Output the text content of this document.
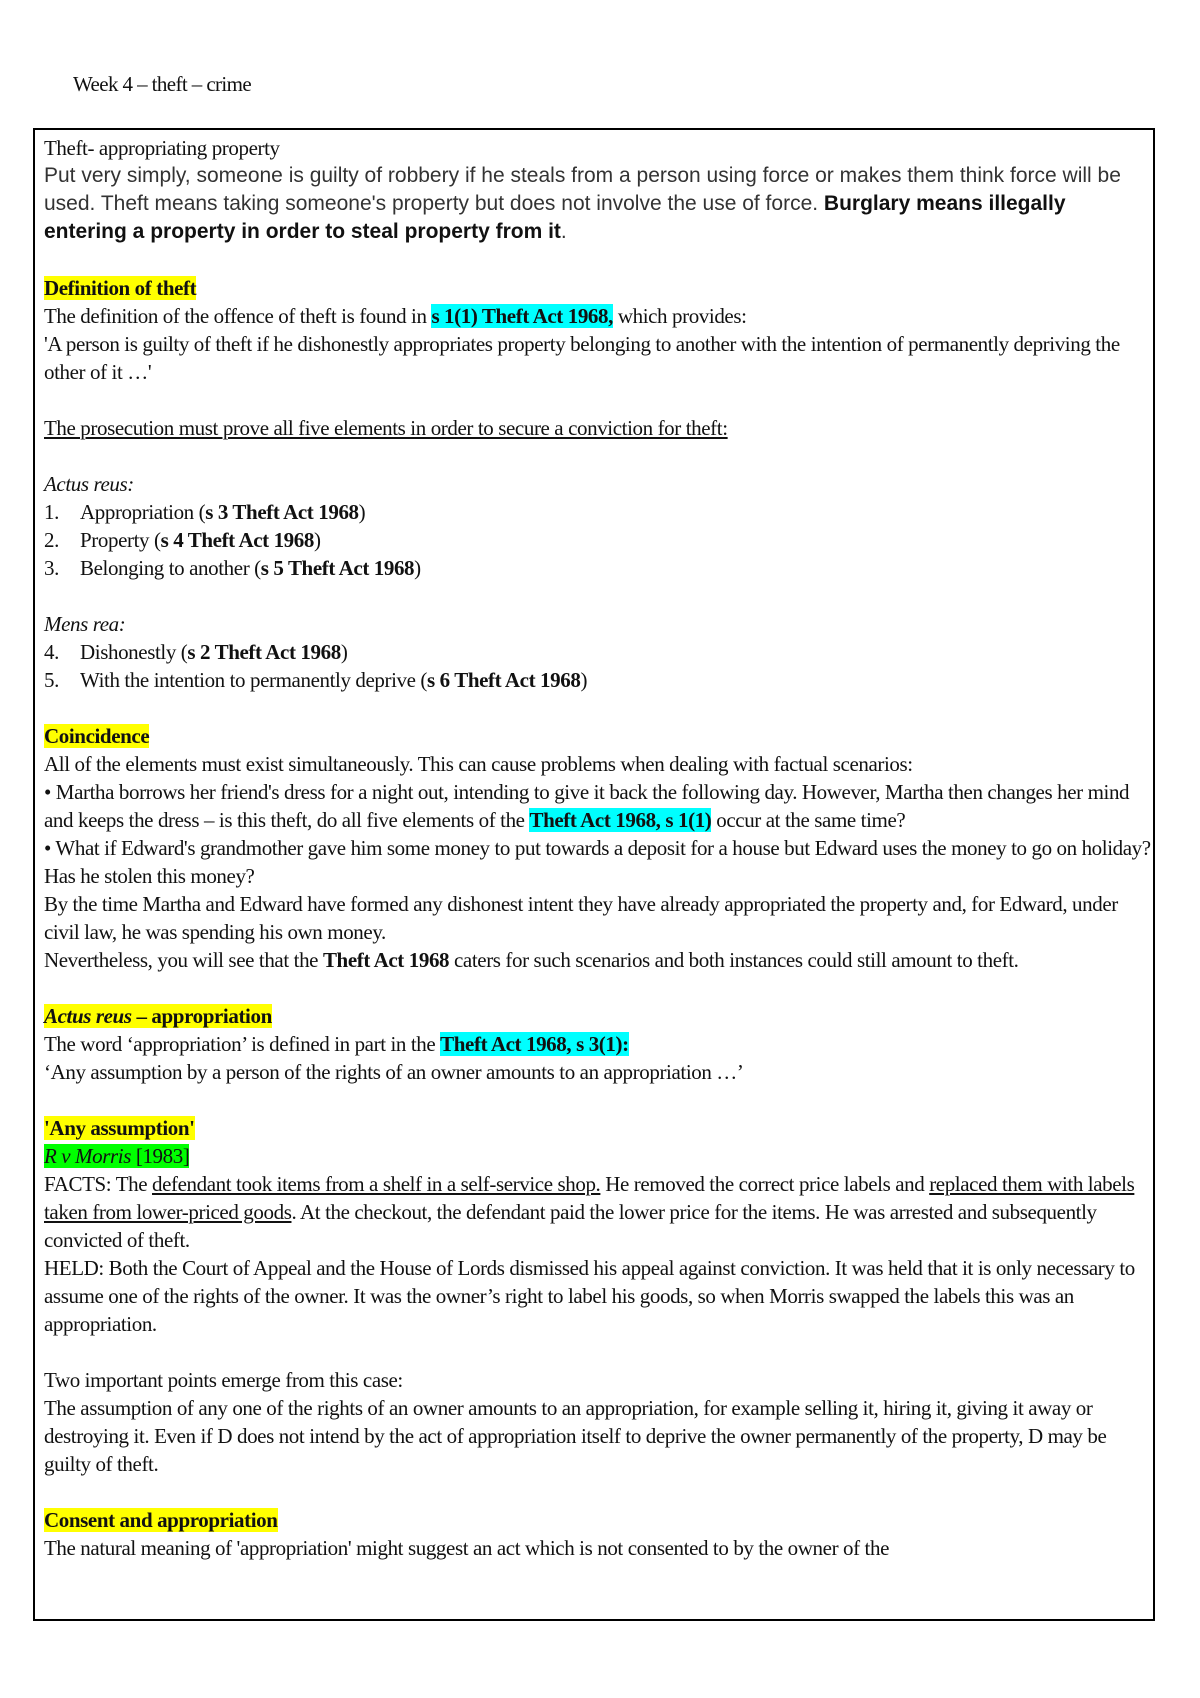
Week 4 – theft – crime

Theft- appropriating property

Put very simply, someone is guilty of robbery if he steals from a person using force or makes them think force will be used. Theft means taking someone's property but does not involve the use of force. Burglary means illegally entering a property in order to steal property from it.

Definition of theft

The definition of the offence of theft is found in s 1(1) Theft Act 1968, which provides:

'A person is guilty of theft if he dishonestly appropriates property belonging to another with the intention of permanently depriving the other of it …'

The prosecution must prove all five elements in order to secure a conviction for theft:

Actus reus:

1.	Appropriation (s 3 Theft Act 1968)
2.	Property (s 4 Theft Act 1968)
3.	Belonging to another (s 5 Theft Act 1968)

Mens rea:

4.	Dishonestly (s 2 Theft Act 1968)
5.	With the intention to permanently deprive (s 6 Theft Act 1968)

Coincidence

All of the elements must exist simultaneously. This can cause problems when dealing with factual scenarios:

• Martha borrows her friend's dress for a night out, intending to give it back the following day. However, Martha then changes her mind and keeps the dress – is this theft, do all five elements of the Theft Act 1968, s 1(1) occur at the same time?

• What if Edward's grandmother gave him some money to put towards a deposit for a house but Edward uses the money to go on holiday? Has he stolen this money?

By the time Martha and Edward have formed any dishonest intent they have already appropriated the property and, for Edward, under civil law, he was spending his own money.

Nevertheless, you will see that the Theft Act 1968 caters for such scenarios and both instances could still amount to theft.

Actus reus – appropriation

The word ‘appropriation’ is defined in part in the Theft Act 1968, s 3(1):

‘Any assumption by a person of the rights of an owner amounts to an appropriation …’

'Any assumption'

R v Morris [1983]

FACTS: The defendant took items from a shelf in a self-service shop. He removed the correct price labels and replaced them with labels taken from lower-priced goods. At the checkout, the defendant paid the lower price for the items. He was arrested and subsequently convicted of theft.

HELD: Both the Court of Appeal and the House of Lords dismissed his appeal against conviction. It was held that it is only necessary to assume one of the rights of the owner. It was the owner’s right to label his goods, so when Morris swapped the labels this was an appropriation.

Two important points emerge from this case:

The assumption of any one of the rights of an owner amounts to an appropriation, for example selling it, hiring it, giving it away or destroying it. Even if D does not intend by the act of appropriation itself to deprive the owner permanently of the property, D may be guilty of theft.

Consent and appropriation

The natural meaning of 'appropriation' might suggest an act which is not consented to by the owner of the
